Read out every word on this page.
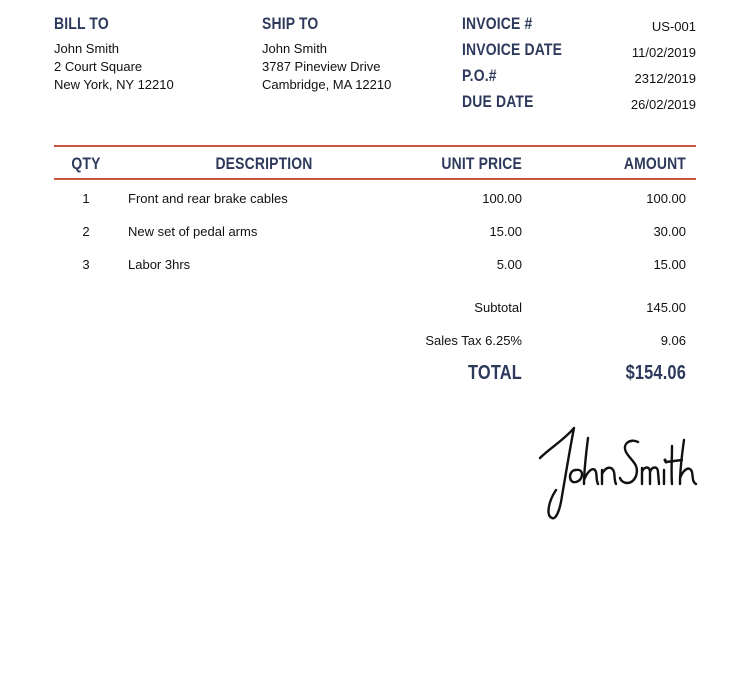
BILL TO
John Smith
2 Court Square
New York, NY 12210
SHIP TO
John Smith
3787 Pineview Drive
Cambridge, MA 12210
INVOICE #	US-001
INVOICE DATE	11/02/2019
P.O.#	2312/2019
DUE DATE	26/02/2019
QTY	DESCRIPTION	UNIT PRICE	AMOUNT
1	Front and rear brake cables	100.00	100.00
2	New set of pedal arms	15.00	30.00
3	Labor 3hrs	5.00	15.00
Subtotal	145.00
Sales Tax 6.25%	9.06
TOTAL	$154.06
